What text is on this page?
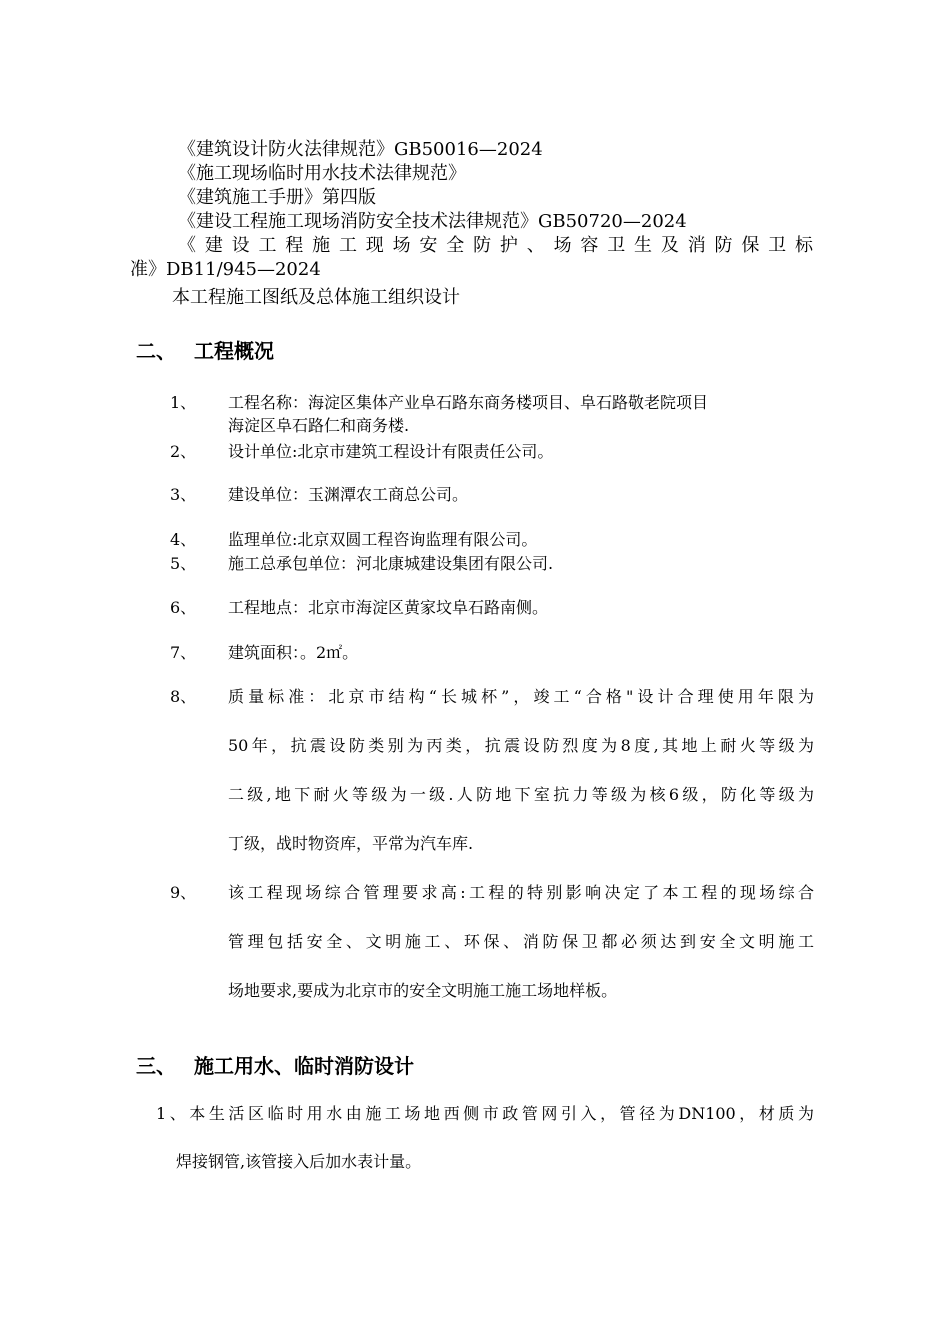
《建筑设计防火法律规范》GB50016—2024
《施工现场临时用水技术法律规范》
《建筑施工手册》第四版
《建设工程施工现场消防安全技术法律规范》GB50720—2024
《建设工程施工现场安全防护、场容卫生及消防保卫标
准》DB11/945—2024
本工程施工图纸及总体施工组织设计
二、 工程概况
1、 工程名称：海淀区集体产业阜石路东商务楼项目、阜石路敬老院项目
海淀区阜石路仁和商务楼.
2、 设计单位:北京市建筑工程设计有限责任公司。
3、 建设单位：玉渊潭农工商总公司。
4、 监理单位:北京双圆工程咨询监理有限公司。
5、 施工总承包单位：河北康城建设集团有限公司.
6、 工程地点：北京市海淀区黄家坟阜石路南侧。
7、 建筑面积：。2㎡。
8、 质量标准：北京市结构“长城杯”，竣工“合格"设计合理使用年限为
50年，抗震设防类别为丙类，抗震设防烈度为8度,其地上耐火等级为
二级,地下耐火等级为一级.人防地下室抗力等级为核6级，防化等级为
丁级，战时物资库，平常为汽车库.
9、 该工程现场综合管理要求高:工程的特别影响决定了本工程的现场综合
管理包括安全、文明施工、环保、消防保卫都必须达到安全文明施工
场地要求,要成为北京市的安全文明施工施工场地样板。
三、 施工用水、临时消防设计
1、本生活区临时用水由施工场地西侧市政管网引入，管径为DN100，材质为
焊接钢管,该管接入后加水表计量。
